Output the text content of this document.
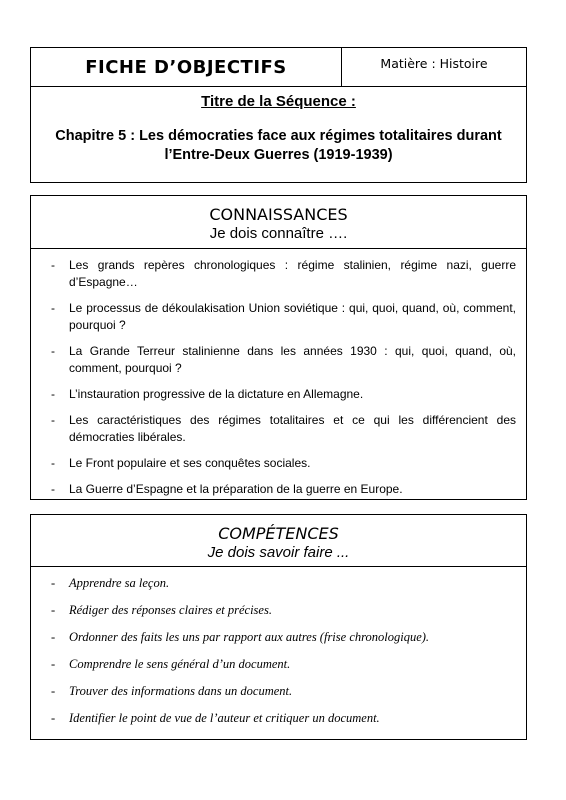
FICHE D’OBJECTIFS	Matière : Histoire
Titre de la Séquence :
Chapitre 5 : Les démocraties face aux régimes totalitaires durant l’Entre-Deux Guerres (1919-1939)
CONNAISSANCES
Je dois connaître ….
- Les grands repères chronologiques : régime stalinien, régime nazi, guerre d’Espagne…
- Le processus de dékoulakisation Union soviétique : qui, quoi, quand, où, comment, pourquoi ?
- La Grande Terreur stalinienne dans les années 1930 : qui, quoi, quand, où, comment, pourquoi ?
- L’instauration progressive de la dictature en Allemagne.
- Les caractéristiques des régimes totalitaires et ce qui les différencient des démocraties libérales.
- Le Front populaire et ses conquêtes sociales.
- La Guerre d’Espagne et la préparation de la guerre en Europe.
COMPÉTENCES
Je dois savoir faire ...
- Apprendre sa leçon.
- Rédiger des réponses claires et précises.
- Ordonner des faits les uns par rapport aux autres (frise chronologique).
- Comprendre le sens général d’un document.
- Trouver des informations dans un document.
- Identifier le point de vue de l’auteur et critiquer un document.
